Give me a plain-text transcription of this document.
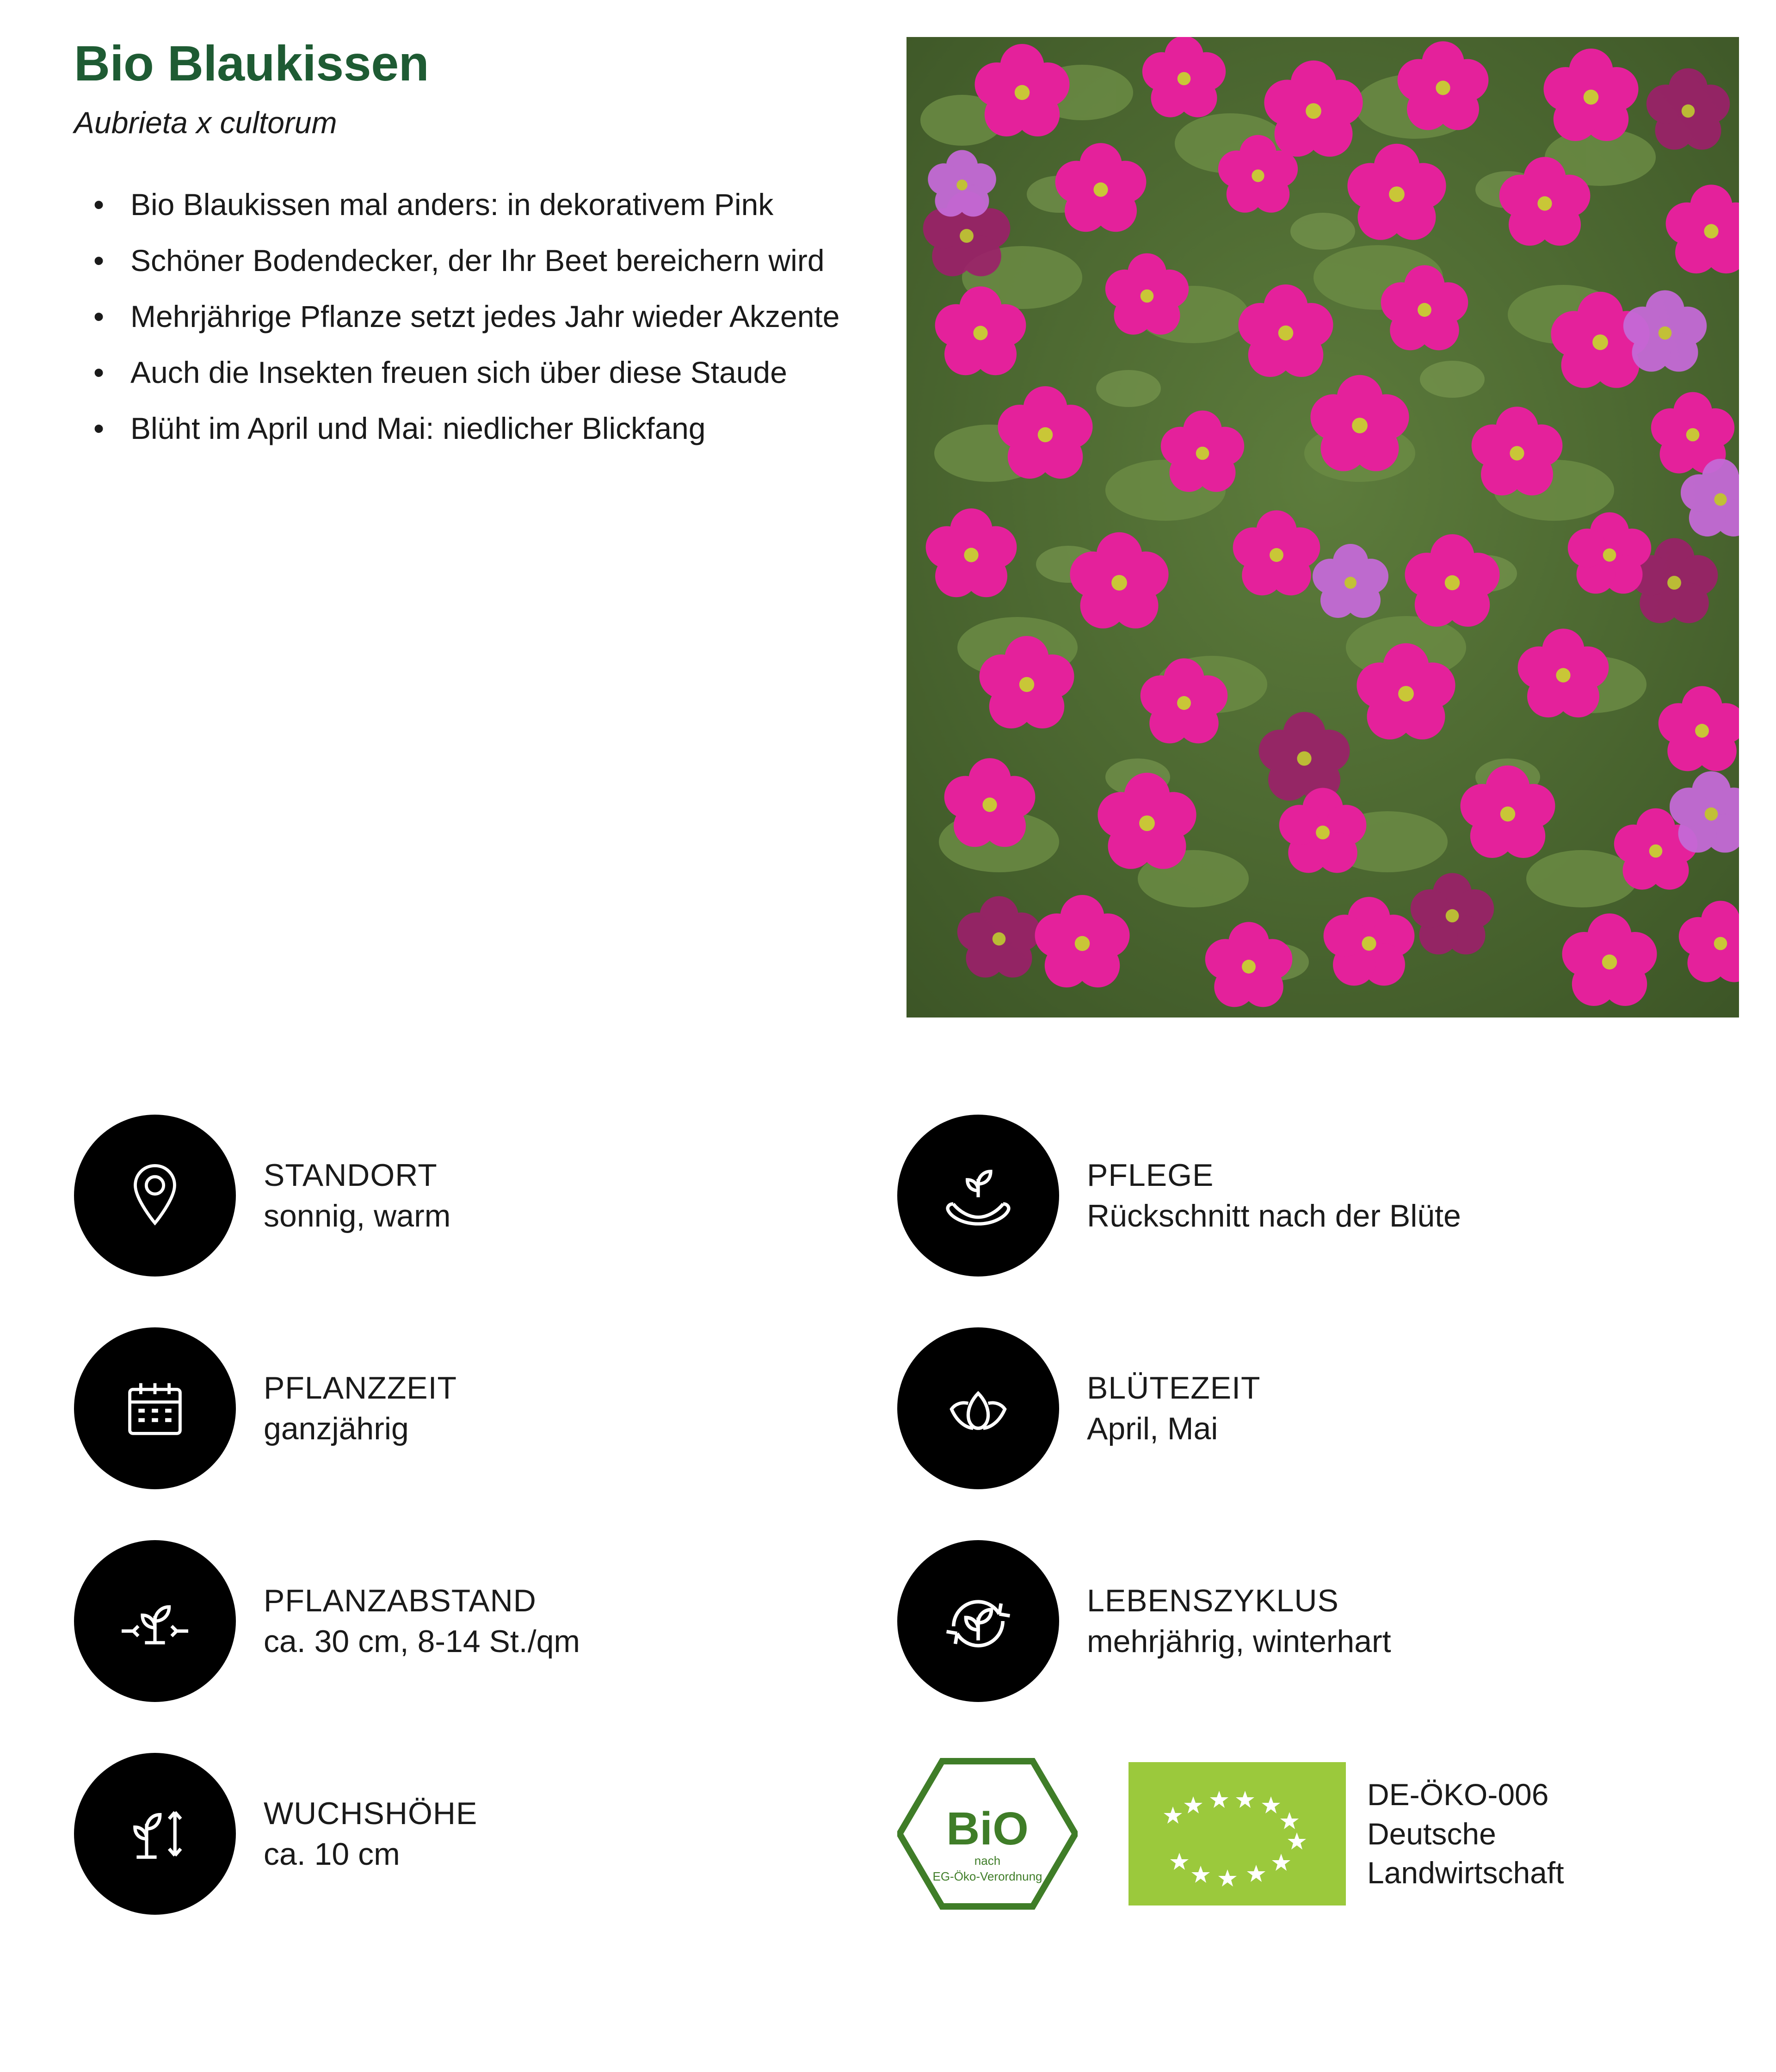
Bio Blaukissen
Aubrieta x cultorum
• Bio Blaukissen mal anders: in dekorativem Pink
• Schöner Bodendecker, der Ihr Beet bereichern wird
• Mehrjährige Pflanze setzt jedes Jahr wieder Akzente
• Auch die Insekten freuen sich über diese Staude
• Blüht im April und Mai: niedlicher Blickfang
STANDORT
sonnig, warm
PFLEGE
Rückschnitt nach der Blüte
PFLANZZEIT
ganzjährig
BLÜTEZEIT
April, Mai
PFLANZABSTAND
ca. 30 cm, 8-14 St./qm
LEBENSZYKLUS
mehrjährig, winterhart
WUCHSHÖHE
ca. 10 cm	BiO
nach
EG-Öko-Verordnung
DE-ÖKO-006
Deutsche
Landwirtschaft
